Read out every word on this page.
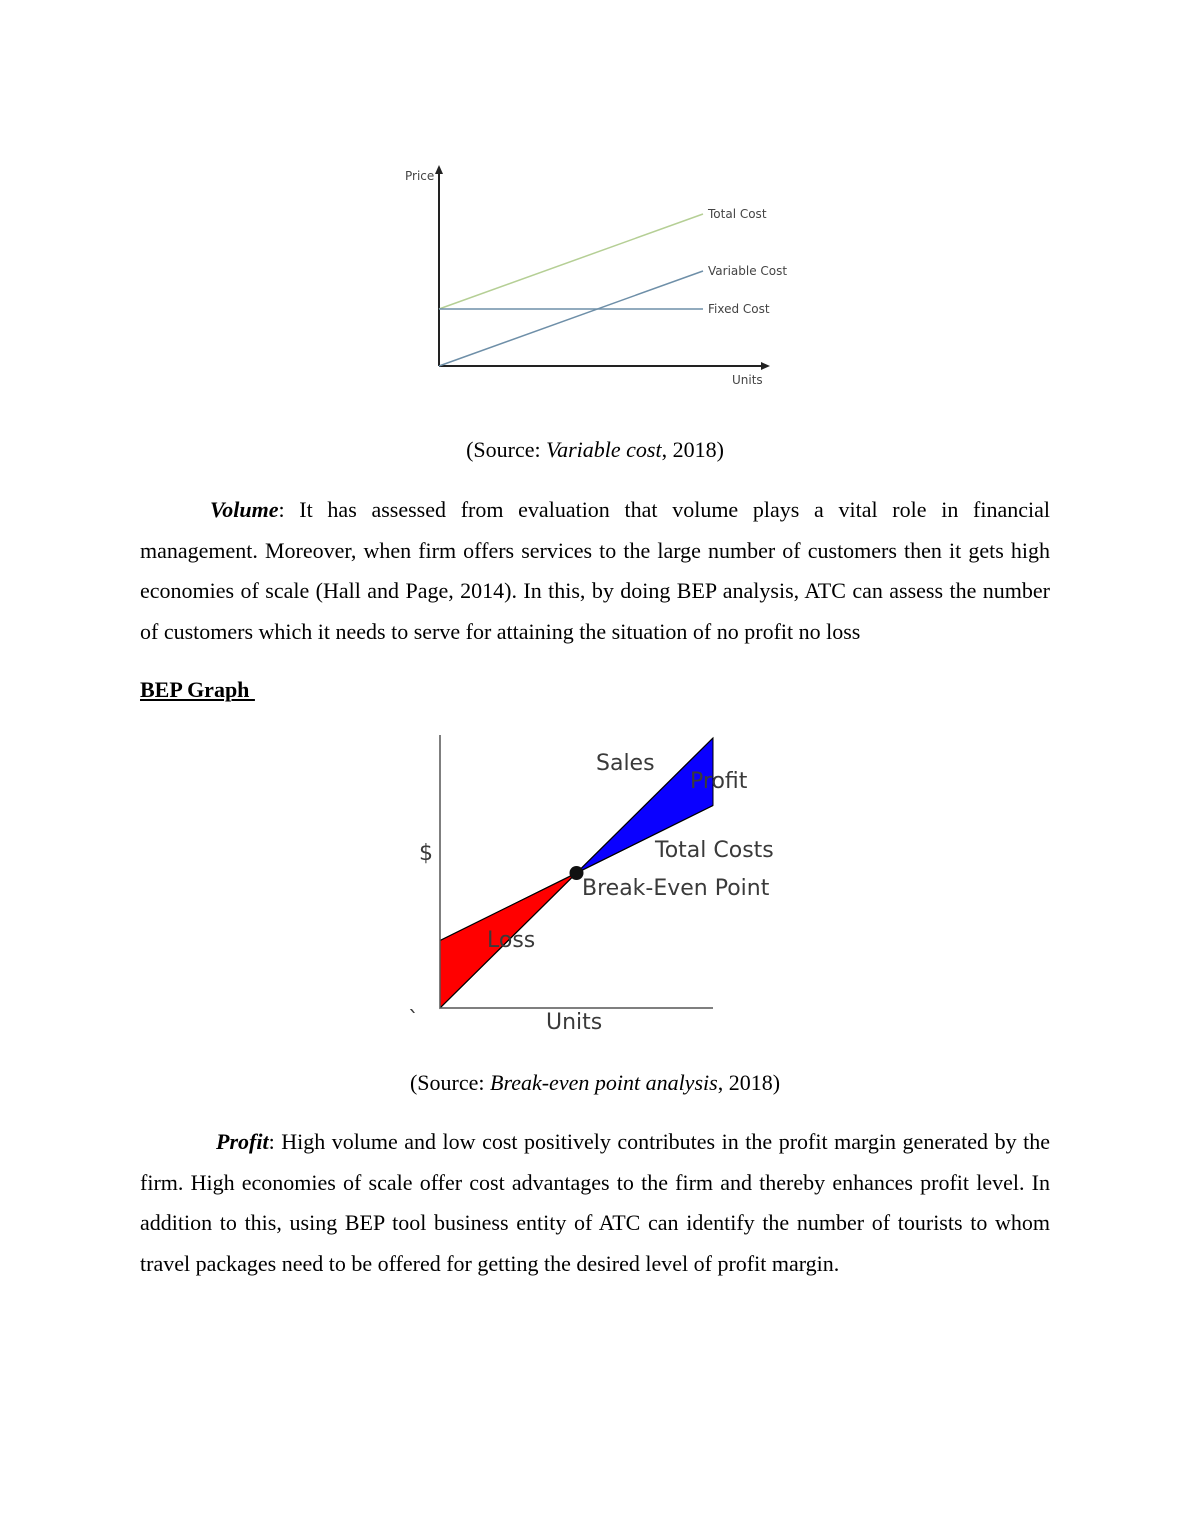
Price
Units
Total Cost
Variable Cost
Fixed Cost
(Source: Variable cost, 2018)

Volume: It has assessed from evaluation that volume plays a vital role in financial management. Moreover, when firm offers services to the large number of customers then it gets high economies of scale (Hall and Page, 2014). In this, by doing BEP analysis, ATC can assess the number of customers which it needs to serve for attaining the situation of no profit no loss

BEP Graph
Sales
Profit
Total Costs
Break-Even Point
Loss
$
Units
`
(Source: Break-even point analysis, 2018)

Profit: High volume and low cost positively contributes in the profit margin generated by the firm. High economies of scale offer cost advantages to the firm and thereby enhances profit level. In addition to this, using BEP tool business entity of ATC can identify the number of tourists to whom travel packages need to be offered for getting the desired level of profit margin.
